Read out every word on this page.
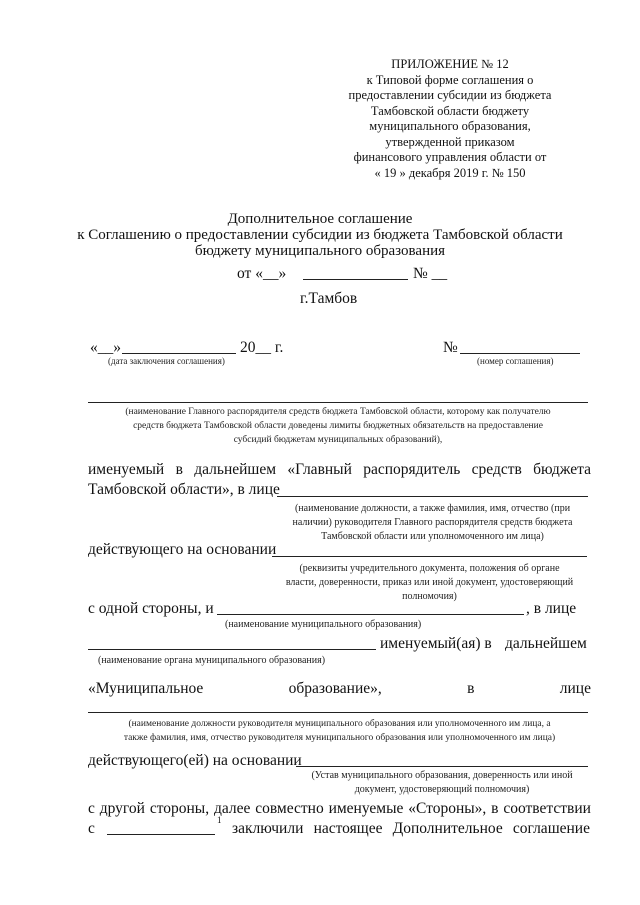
ПРИЛОЖЕНИЕ № 12
к Типовой форме соглашения о
предоставлении субсидии из бюджета
Тамбовской области бюджету
муниципального образования,
утвержденной приказом
финансового управления области от
« 19 » декабря 2019 г. № 150
Дополнительное соглашение
к Соглашению о предоставлении субсидии из бюджета Тамбовской области
бюджету муниципального образования
от «__»	№ __
г.Тамбов
«__»	20__ г.	№
(дата заключения соглашения)	(номер соглашения)
(наименование Главного распорядителя средств бюджета Тамбовской области, которому как получателю
средств бюджета Тамбовской области доведены лимиты бюджетных обязательств на предоставление
субсидий бюджетам муниципальных образований),
именуемый в дальнейшем «Главный распорядитель средств бюджета
Тамбовской области», в лице
(наименование должности, а также фамилия, имя, отчество (при
наличии) руководителя Главного распорядителя средств бюджета
Тамбовской области или уполномоченного им лица)
действующего на основании
(реквизиты учредительного документа, положения об органе
власти, доверенности, приказ или иной документ, удостоверяющий
полномочия)
с одной стороны, и	, в лице
(наименование муниципального образования)
именуемый(ая) в дальнейшем
(наименование органа муниципального образования)
«Муниципальное	образование»,	в	лице
(наименование должности руководителя муниципального образования или уполномоченного им лица, а
также фамилия, имя, отчество руководителя муниципального образования или уполномоченного им лица)
действующего(ей) на основании
(Устав муниципального образования, доверенность или иной
документ, удостоверяющий полномочия)
с другой стороны, далее совместно именуемые «Стороны», в соответствии
с	1 заключили настоящее Дополнительное соглашение
